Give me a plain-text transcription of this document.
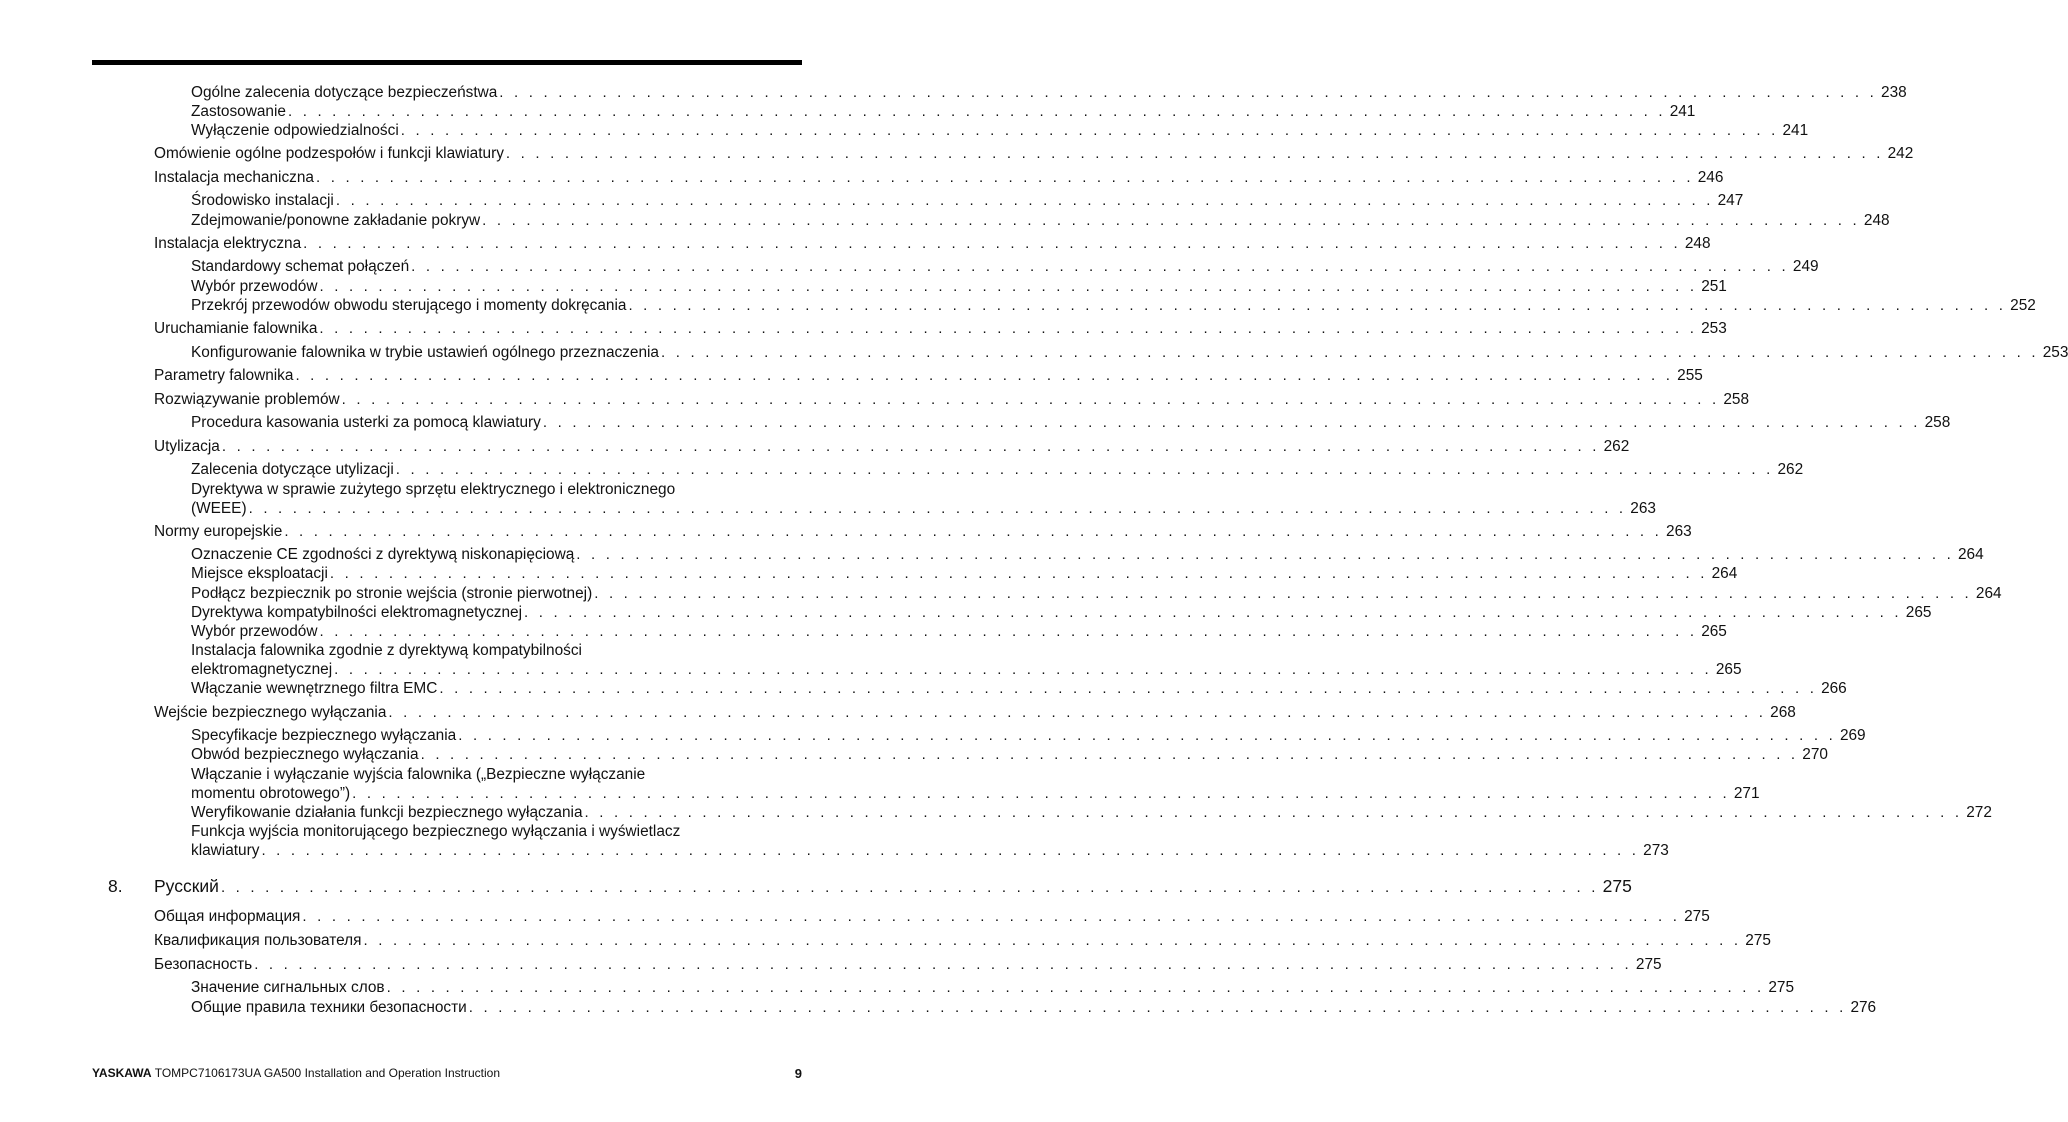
Ogólne zalecenia dotyczące bezpieczeństwa . . . . . . . . . . . . . . . . . . . . . . . . . . . . . . . . . . . . . . . . . . . . . . . . . . . . . . . . . . . . . . . . . . . . . . . . . . . . . . . . . . . . . . . . . . . . . . 238
Zastosowanie . . . . . . . . . . . . . . . . . . . . . . . . . . . . . . . . . . . . . . . . . . . . . . . . . . . . . . . . . . . . . . . . . . . . . . . . . . . . . . . . . . . . . . . . . . . . . . 241
Wyłączenie odpowiedzialności . . . . . . . . . . . . . . . . . . . . . . . . . . . . . . . . . . . . . . . . . . . . . . . . . . . . . . . . . . . . . . . . . . . . . . . . . . . . . . . . . . . . . . . . . . . . . . 241
Omówienie ogólne podzespołów i funkcji klawiatury . . . . . . . . . . . . . . . . . . . . . . . . . . . . . . . . . . . . . . . . . . . . . . . . . . . . . . . . . . . . . . . . . . . . . . . . . . . . . . . . . . . . . . . . . . . . . . 242
Instalacja mechaniczna . . . . . . . . . . . . . . . . . . . . . . . . . . . . . . . . . . . . . . . . . . . . . . . . . . . . . . . . . . . . . . . . . . . . . . . . . . . . . . . . . . . . . . . . . . . . . . 246
Środowisko instalacji . . . . . . . . . . . . . . . . . . . . . . . . . . . . . . . . . . . . . . . . . . . . . . . . . . . . . . . . . . . . . . . . . . . . . . . . . . . . . . . . . . . . . . . . . . . . . . 247
Zdejmowanie/ponowne zakładanie pokryw . . . . . . . . . . . . . . . . . . . . . . . . . . . . . . . . . . . . . . . . . . . . . . . . . . . . . . . . . . . . . . . . . . . . . . . . . . . . . . . . . . . . . . . . . . . . . . 248
Instalacja elektryczna . . . . . . . . . . . . . . . . . . . . . . . . . . . . . . . . . . . . . . . . . . . . . . . . . . . . . . . . . . . . . . . . . . . . . . . . . . . . . . . . . . . . . . . . . . . . . . 248
Standardowy schemat połączeń . . . . . . . . . . . . . . . . . . . . . . . . . . . . . . . . . . . . . . . . . . . . . . . . . . . . . . . . . . . . . . . . . . . . . . . . . . . . . . . . . . . . . . . . . . . . . . 249
Wybór przewodów . . . . . . . . . . . . . . . . . . . . . . . . . . . . . . . . . . . . . . . . . . . . . . . . . . . . . . . . . . . . . . . . . . . . . . . . . . . . . . . . . . . . . . . . . . . . . . 251
Przekrój przewodów obwodu sterującego i momenty dokręcania . . . . . . . . . . . . . . . . . . . . . . . . . . . . . . . . . . . . . . . . . . . . . . . . . . . . . . . . . . . . . . . . . . . . . . . . . . . . . . . . . . . . . . . . . . . . . . 252
Uruchamianie falownika . . . . . . . . . . . . . . . . . . . . . . . . . . . . . . . . . . . . . . . . . . . . . . . . . . . . . . . . . . . . . . . . . . . . . . . . . . . . . . . . . . . . . . . . . . . . . . 253
Konfigurowanie falownika w trybie ustawień ogólnego przeznaczenia . . . . . . . . . . . . . . . . . . . . . . . . . . . . . . . . . . . . . . . . . . . . . . . . . . . . . . . . . . . . . . . . . . . . . . . . . . . . . . . . . . . . . . . . . . . . . . 253
Parametry falownika . . . . . . . . . . . . . . . . . . . . . . . . . . . . . . . . . . . . . . . . . . . . . . . . . . . . . . . . . . . . . . . . . . . . . . . . . . . . . . . . . . . . . . . . . . . . . . 255
Rozwiązywanie problemów . . . . . . . . . . . . . . . . . . . . . . . . . . . . . . . . . . . . . . . . . . . . . . . . . . . . . . . . . . . . . . . . . . . . . . . . . . . . . . . . . . . . . . . . . . . . . . 258
Procedura kasowania usterki za pomocą klawiatury . . . . . . . . . . . . . . . . . . . . . . . . . . . . . . . . . . . . . . . . . . . . . . . . . . . . . . . . . . . . . . . . . . . . . . . . . . . . . . . . . . . . . . . . . . . . . . 258
Utylizacja . . . . . . . . . . . . . . . . . . . . . . . . . . . . . . . . . . . . . . . . . . . . . . . . . . . . . . . . . . . . . . . . . . . . . . . . . . . . . . . . . . . . . . . . . . . . . . 262
Zalecenia dotyczące utylizacji . . . . . . . . . . . . . . . . . . . . . . . . . . . . . . . . . . . . . . . . . . . . . . . . . . . . . . . . . . . . . . . . . . . . . . . . . . . . . . . . . . . . . . . . . . . . . . 262
Dyrektywa w sprawie zużytego sprzętu elektrycznego i elektronicznego
(WEEE) . . . . . . . . . . . . . . . . . . . . . . . . . . . . . . . . . . . . . . . . . . . . . . . . . . . . . . . . . . . . . . . . . . . . . . . . . . . . . . . . . . . . . . . . . . . . . . 263
Normy europejskie . . . . . . . . . . . . . . . . . . . . . . . . . . . . . . . . . . . . . . . . . . . . . . . . . . . . . . . . . . . . . . . . . . . . . . . . . . . . . . . . . . . . . . . . . . . . . . 263
Oznaczenie CE zgodności z dyrektywą niskonapięciową . . . . . . . . . . . . . . . . . . . . . . . . . . . . . . . . . . . . . . . . . . . . . . . . . . . . . . . . . . . . . . . . . . . . . . . . . . . . . . . . . . . . . . . . . . . . . . 264
Miejsce eksploatacji . . . . . . . . . . . . . . . . . . . . . . . . . . . . . . . . . . . . . . . . . . . . . . . . . . . . . . . . . . . . . . . . . . . . . . . . . . . . . . . . . . . . . . . . . . . . . . 264
Podłącz bezpiecznik po stronie wejścia (stronie pierwotnej) . . . . . . . . . . . . . . . . . . . . . . . . . . . . . . . . . . . . . . . . . . . . . . . . . . . . . . . . . . . . . . . . . . . . . . . . . . . . . . . . . . . . . . . . . . . . . . 264
Dyrektywa kompatybilności elektromagnetycznej . . . . . . . . . . . . . . . . . . . . . . . . . . . . . . . . . . . . . . . . . . . . . . . . . . . . . . . . . . . . . . . . . . . . . . . . . . . . . . . . . . . . . . . . . . . . . . 265
Wybór przewodów . . . . . . . . . . . . . . . . . . . . . . . . . . . . . . . . . . . . . . . . . . . . . . . . . . . . . . . . . . . . . . . . . . . . . . . . . . . . . . . . . . . . . . . . . . . . . . 265
Instalacja falownika zgodnie z dyrektywą kompatybilności
elektromagnetycznej . . . . . . . . . . . . . . . . . . . . . . . . . . . . . . . . . . . . . . . . . . . . . . . . . . . . . . . . . . . . . . . . . . . . . . . . . . . . . . . . . . . . . . . . . . . . . . 265
Włączanie wewnętrznego filtra EMC . . . . . . . . . . . . . . . . . . . . . . . . . . . . . . . . . . . . . . . . . . . . . . . . . . . . . . . . . . . . . . . . . . . . . . . . . . . . . . . . . . . . . . . . . . . . . . 266
Wejście bezpiecznego wyłączania . . . . . . . . . . . . . . . . . . . . . . . . . . . . . . . . . . . . . . . . . . . . . . . . . . . . . . . . . . . . . . . . . . . . . . . . . . . . . . . . . . . . . . . . . . . . . . 268
Specyfikacje bezpiecznego wyłączania . . . . . . . . . . . . . . . . . . . . . . . . . . . . . . . . . . . . . . . . . . . . . . . . . . . . . . . . . . . . . . . . . . . . . . . . . . . . . . . . . . . . . . . . . . . . . . 269
Obwód bezpiecznego wyłączania . . . . . . . . . . . . . . . . . . . . . . . . . . . . . . . . . . . . . . . . . . . . . . . . . . . . . . . . . . . . . . . . . . . . . . . . . . . . . . . . . . . . . . . . . . . . . . 270
Włączanie i wyłączanie wyjścia falownika („Bezpieczne wyłączanie
momentu obrotowego”) . . . . . . . . . . . . . . . . . . . . . . . . . . . . . . . . . . . . . . . . . . . . . . . . . . . . . . . . . . . . . . . . . . . . . . . . . . . . . . . . . . . . . . . . . . . . . . 271
Weryfikowanie działania funkcji bezpiecznego wyłączania . . . . . . . . . . . . . . . . . . . . . . . . . . . . . . . . . . . . . . . . . . . . . . . . . . . . . . . . . . . . . . . . . . . . . . . . . . . . . . . . . . . . . . . . . . . . . . 272
Funkcja wyjścia monitorującego bezpiecznego wyłączania i wyświetlacz
klawiatury . . . . . . . . . . . . . . . . . . . . . . . . . . . . . . . . . . . . . . . . . . . . . . . . . . . . . . . . . . . . . . . . . . . . . . . . . . . . . . . . . . . . . . . . . . . . . . 273
8. Русский . . . . . . . . . . . . . . . . . . . . . . . . . . . . . . . . . . . . . . . . . . . . . . . . . . . . . . . . . . . . . . . . . . . . . . . . . . . . . . . . . . . . . . . . . . . . . . 275
Общая информация . . . . . . . . . . . . . . . . . . . . . . . . . . . . . . . . . . . . . . . . . . . . . . . . . . . . . . . . . . . . . . . . . . . . . . . . . . . . . . . . . . . . . . . . . . . . . . 275
Квалификация пользователя . . . . . . . . . . . . . . . . . . . . . . . . . . . . . . . . . . . . . . . . . . . . . . . . . . . . . . . . . . . . . . . . . . . . . . . . . . . . . . . . . . . . . . . . . . . . . . 275
Безопасность . . . . . . . . . . . . . . . . . . . . . . . . . . . . . . . . . . . . . . . . . . . . . . . . . . . . . . . . . . . . . . . . . . . . . . . . . . . . . . . . . . . . . . . . . . . . . . 275
Значение сигнальных слов . . . . . . . . . . . . . . . . . . . . . . . . . . . . . . . . . . . . . . . . . . . . . . . . . . . . . . . . . . . . . . . . . . . . . . . . . . . . . . . . . . . . . . . . . . . . . . 275
Общие правила техники безопасности . . . . . . . . . . . . . . . . . . . . . . . . . . . . . . . . . . . . . . . . . . . . . . . . . . . . . . . . . . . . . . . . . . . . . . . . . . . . . . . . . . . . . . . . . . . . . . 276
YASKAWA TOMPC7106173UA GA500 Installation and Operation Instruction	9
